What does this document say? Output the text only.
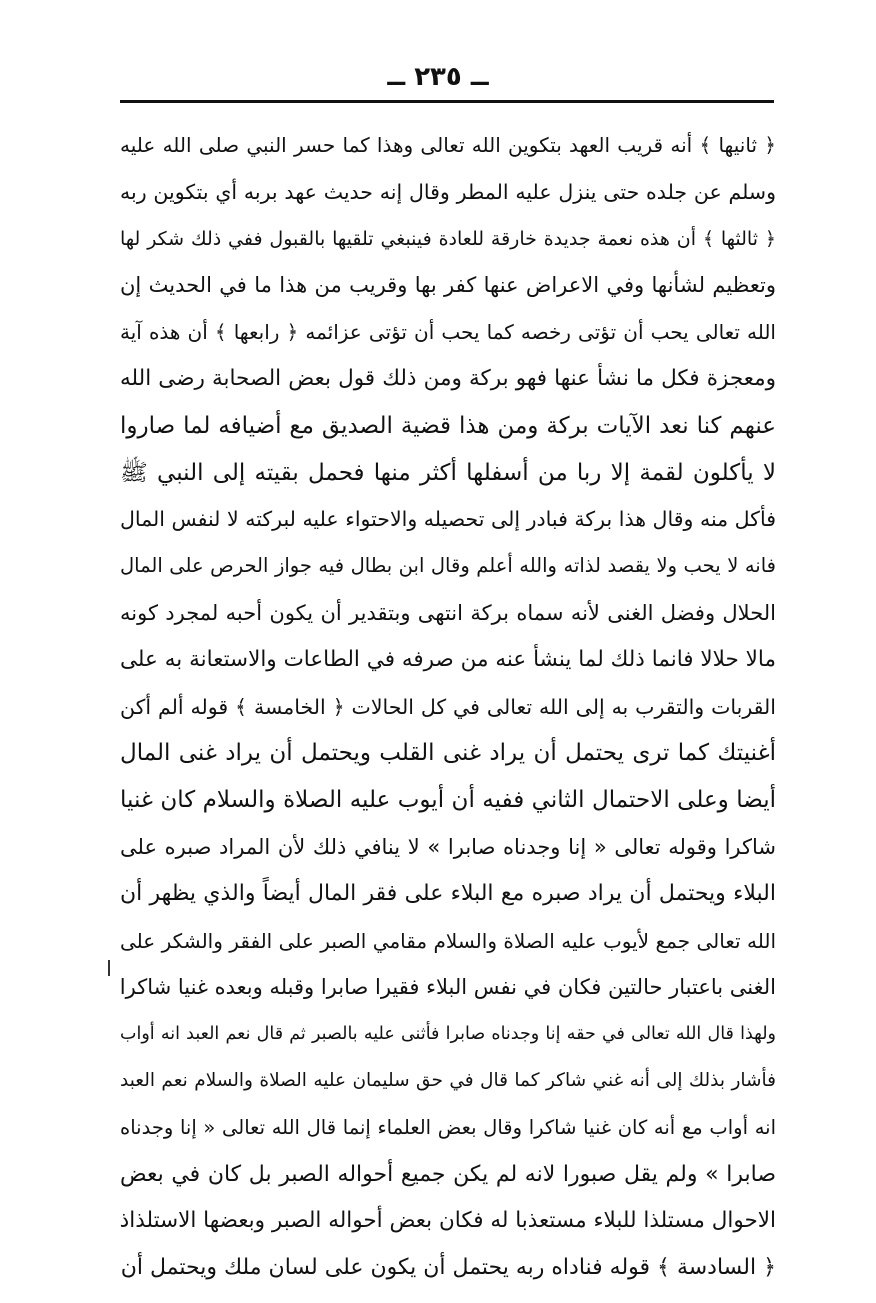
ــ ٢٣٥ ــ
﴿ ثانيها ﴾ أنه قريب العهد بتكوين الله تعالى وهذا كما حسر النبي صلى الله عليه
وسلم عن جلده حتى ينزل عليه المطر وقال إنه حديث عهد بربه أي بتكوين ربه
﴿ ثالثها ﴾ أن هذه نعمة جديدة خارقة للعادة فينبغي تلقيها بالقبول ففي ذلك شكر لها
وتعظيم لشأنها وفي الاعراض عنها كفر بها وقريب من هذا ما في الحديث إن
الله تعالى يحب أن تؤتى رخصه كما يحب أن تؤتى عزائمه ﴿ رابعها ﴾ أن هذه آية
ومعجزة فكل ما نشأ عنها فهو بركة ومن ذلك قول بعض الصحابة رضى الله
عنهم كنا نعد الآيات بركة ومن هذا قضية الصديق مع أضيافه لما صاروا
لا يأكلون لقمة إلا ربا من أسفلها أكثر منها فحمل بقيته إلى النبي ﷺ
فأكل منه وقال هذا بركة فبادر إلى تحصيله والاحتواء عليه لبركته لا لنفس المال
فانه لا يحب ولا يقصد لذاته والله أعلم وقال ابن بطال فيه جواز الحرص على المال
الحلال وفضل الغنى لأنه سماه بركة انتهى وبتقدير أن يكون أحبه لمجرد كونه
مالا حلالا فانما ذلك لما ينشأ عنه من صرفه في الطاعات والاستعانة به على
القربات والتقرب به إلى الله تعالى في كل الحالات ﴿ الخامسة ﴾ قوله ألم أكن
أغنيتك كما ترى يحتمل أن يراد غنى القلب ويحتمل أن يراد غنى المال
أيضا وعلى الاحتمال الثاني ففيه أن أيوب عليه الصلاة والسلام كان غنيا
شاكرا وقوله تعالى « إنا وجدناه صابرا » لا ينافي ذلك لأن المراد صبره على
البلاء ويحتمل أن يراد صبره مع البلاء على فقر المال أيضاً والذي يظهر أن
الله تعالى جمع لأيوب عليه الصلاة والسلام مقامي الصبر على الفقر والشكر على
الغنى باعتبار حالتين فكان في نفس البلاء فقيرا صابرا وقبله وبعده غنيا شاكرا
ولهذا قال الله تعالى في حقه إنا وجدناه صابرا فأثنى عليه بالصبر ثم قال نعم العبد انه أواب
فأشار بذلك إلى أنه غني شاكر كما قال في حق سليمان عليه الصلاة والسلام نعم العبد
انه أواب مع أنه كان غنيا شاكرا وقال بعض العلماء إنما قال الله تعالى « إنا وجدناه
صابرا » ولم يقل صبورا لانه لم يكن جميع أحواله الصبر بل كان في بعض
الاحوال مستلذا للبلاء مستعذبا له فكان بعض أحواله الصبر وبعضها الاستلذاذ
﴿ السادسة ﴾ قوله فناداه ربه يحتمل أن يكون على لسان ملك ويحتمل أن
